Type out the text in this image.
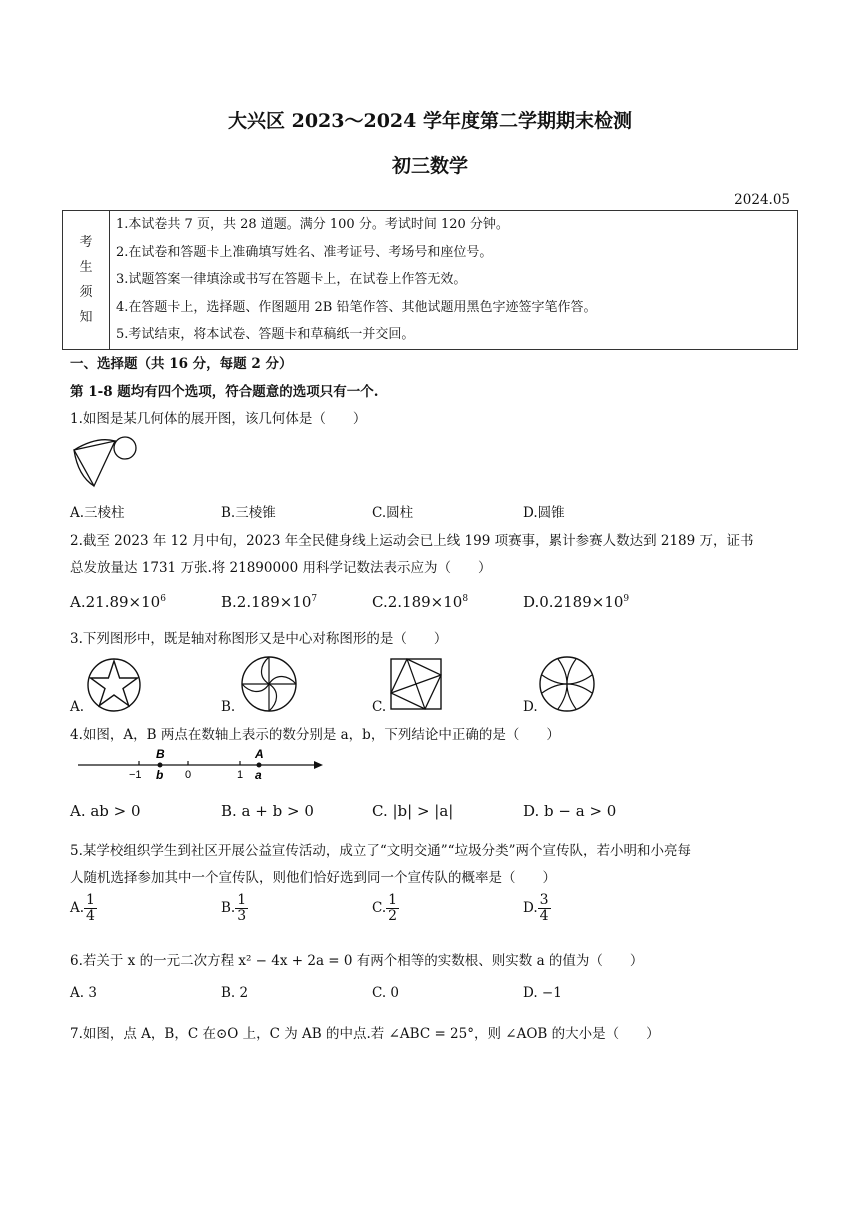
大兴区 2023～2024 学年度第二学期期末检测
初三数学
2024.05
考
生
须
知

1.本试卷共 7 页，共 28 道题。满分 100 分。考试时间 120 分钟。
2.在试卷和答题卡上准确填写姓名、准考证号、考场号和座位号。
3.试题答案一律填涂或书写在答题卡上，在试卷上作答无效。
4.在答题卡上，选择题、作图题用 2B 铅笔作答、其他试题用黑色字迹签字笔作答。
5.考试结束，将本试卷、答题卡和草稿纸一并交回。
一、选择题（共 16 分，每题 2 分）
第 1-8 题均有四个选项，符合题意的选项只有一个.
1.如图是某几何体的展开图，该几何体是（　　）
A.三棱柱	B.三棱锥	C.圆柱	D.圆锥
2.截至 2023 年 12 月中旬，2023 年全民健身线上运动会已上线 199 项赛事，累计参赛人数达到 2189 万，证书
总发放量达 1731 万张.将 21890000 用科学记数法表示应为（　　）
$A.21.89\times 10^6$	$B.2.189\times 10^7$	$C.2.189\times 10^8$	$D.0.2189\times 10^9$
3.下列图形中，既是轴对称图形又是中心对称图形的是（　　）
A.	B.	C.	D.
4.如图，A，B 两点在数轴上表示的数分别是 a，b，下列结论中正确的是（　　）
B	A
−1 b 0	1 a
A. ab > 0	B. a + b > 0	C. |b| > |a|	D. b − a > 0
5.某学校组织学生到社区开展公益宣传活动，成立了“文明交通”“垃圾分类”两个宣传队，若小明和小亮每
人随机选择参加其中一个宣传队，则他们恰好选到同一个宣传队的概率是（　　）
A. $\frac{1}{4}$	B. $\frac{1}{3}$	C. $\frac{1}{2}$	D. $\frac{3}{4}$
6.若关于 x 的一元二次方程 x² − 4x + 2a = 0 有两个相等的实数根、则实数 a 的值为（　　）
A. 3	B. 2	C. 0	D. −1
7.如图，点 A，B，C 在⊙O 上，C 为 AB 的中点.若 ∠ABC = 25°，则 ∠AOB 的大小是（　　）
